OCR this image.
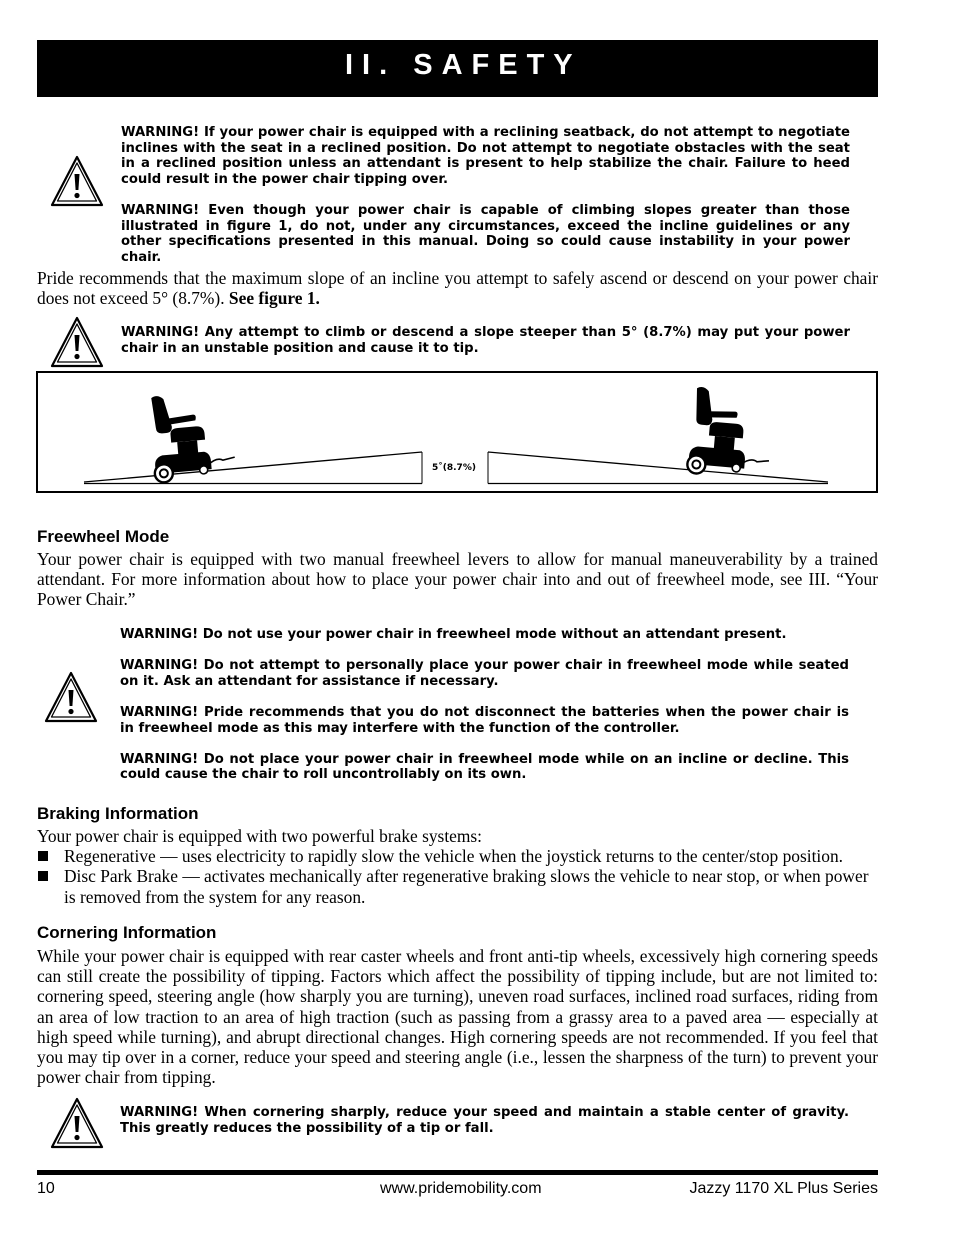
II. SAFETY

WARNING! If your power chair is equipped with a reclining seatback, do not attempt to negotiate inclines with the seat in a reclined position. Do not attempt to negotiate obstacles with the seat in a reclined position unless an attendant is present to help stabilize the chair. Failure to heed could result in the power chair tipping over.

WARNING! Even though your power chair is capable of climbing slopes greater than those illustrated in figure 1, do not, under any circumstances, exceed the incline guidelines or any other specifications presented in this manual. Doing so could cause instability in your power chair.

Pride recommends that the maximum slope of an incline you attempt to safely ascend or descend on your power chair does not exceed 5° (8.7%). See figure 1.

WARNING! Any attempt to climb or descend a slope steeper than 5° (8.7%) may put your power chair in an unstable position and cause it to tip.

5˚(8.7%)
Freewheel Mode

Your power chair is equipped with two manual freewheel levers to allow for manual maneuverability by a trained attendant. For more information about how to place your power chair into and out of freewheel mode, see III. “Your Power Chair.”

WARNING! Do not use your power chair in freewheel mode without an attendant present.

WARNING! Do not attempt to personally place your power chair in freewheel mode while seated on it. Ask an attendant for assistance if necessary.

WARNING! Pride recommends that you do not disconnect the batteries when the power chair is in freewheel mode as this may interfere with the function of the controller.

WARNING! Do not place your power chair in freewheel mode while on an incline or decline. This could cause the chair to roll uncontrollably on its own.

Braking Information

Your power chair is equipped with two powerful brake systems:

Regenerative — uses electricity to rapidly slow the vehicle when the joystick returns to the center/stop position.
Disc Park Brake — activates mechanically after regenerative braking slows the vehicle to near stop, or when power is removed from the system for any reason.
Cornering Information

While your power chair is equipped with rear caster wheels and front anti-tip wheels, excessively high cornering speeds can still create the possibility of tipping. Factors which affect the possibility of tipping include, but are not limited to: cornering speed, steering angle (how sharply you are turning), uneven road surfaces, inclined road surfaces, riding from an area of low traction to an area of high traction (such as passing from a grassy area to a paved area — especially at high speed while turning), and abrupt directional changes. High cornering speeds are not recommended. If you feel that you may tip over in a corner, reduce your speed and steering angle (i.e., lessen the sharpness of the turn) to prevent your power chair from tipping.

WARNING! When cornering sharply, reduce your speed and maintain a stable center of gravity. This greatly reduces the possibility of a tip or fall.

10	www.pridemobility.com	Jazzy 1170 XL Plus Series
